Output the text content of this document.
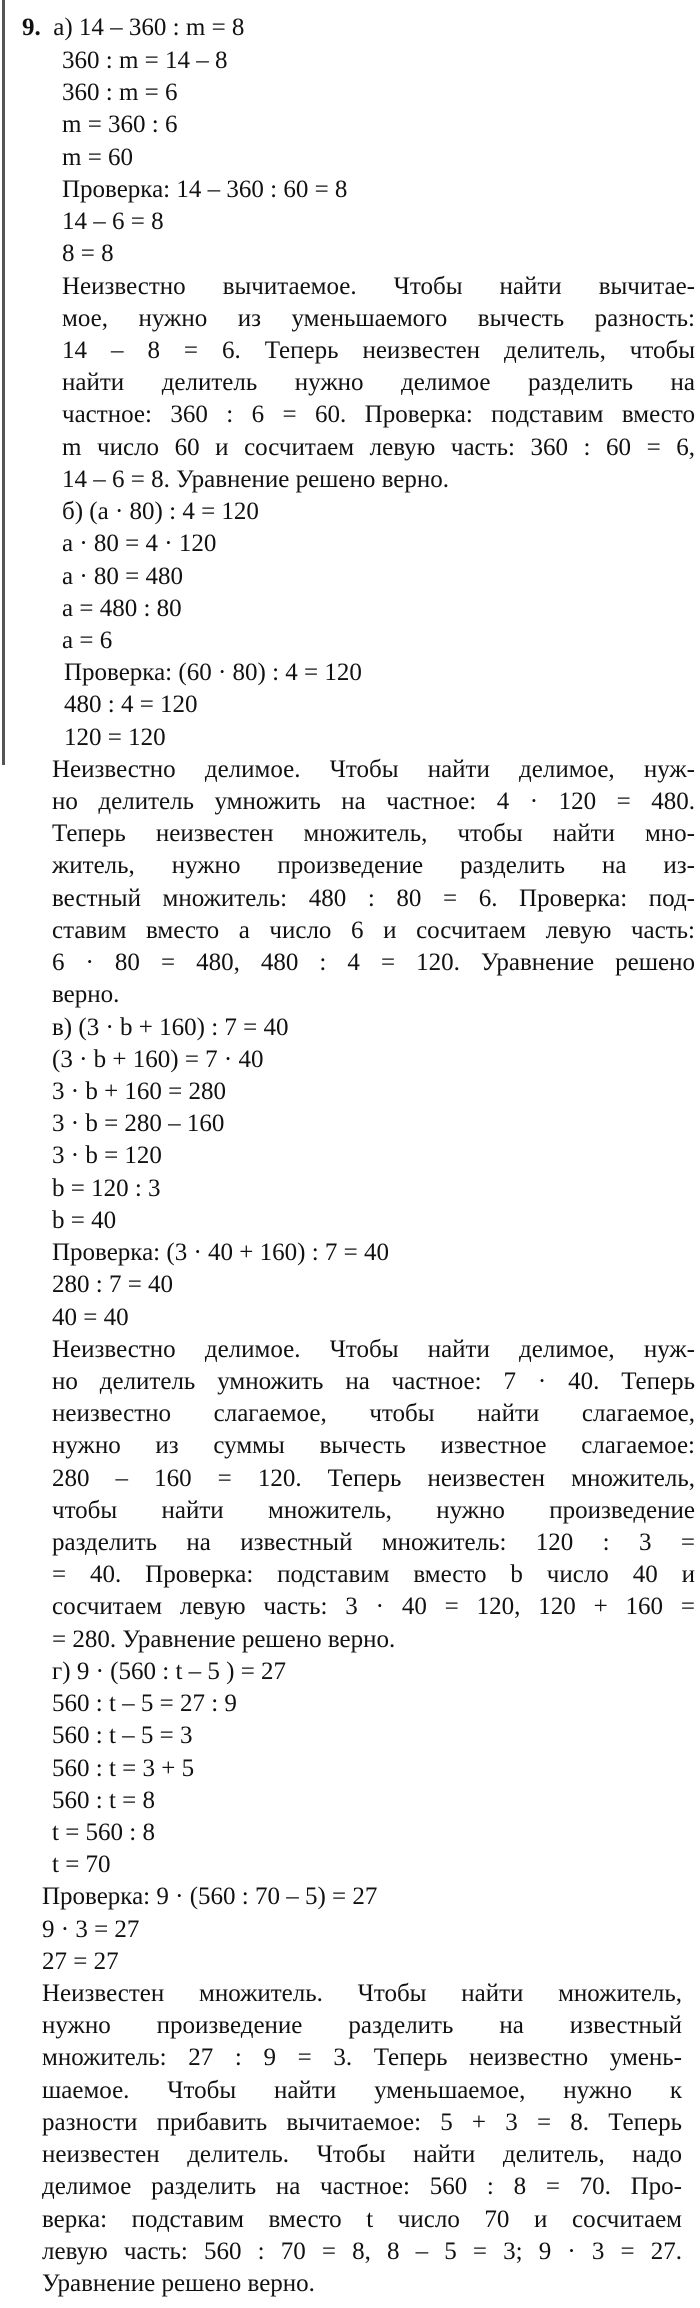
9. а) 14 – 360 : m = 8
360 : m = 14 – 8
360 : m = 6
m = 360 : 6
m = 60
Проверка: 14 – 360 : 60 = 8
14 – 6 = 8
8 = 8
Неизвестно вычитаемое. Чтобы найти вычитае-
мое, нужно из уменьшаемого вычесть разность:
14 – 8 = 6. Теперь неизвестен делитель, чтобы
найти делитель нужно делимое разделить на
частное: 360 : 6 = 60. Проверка: подставим вместо
m число 60 и сосчитаем левую часть: 360 : 60 = 6,
14 – 6 = 8. Уравнение решено верно.
б) (a · 80) : 4 = 120
a · 80 = 4 · 120
a · 80 = 480
a = 480 : 80
a = 6
Проверка: (60 · 80) : 4 = 120
480 : 4 = 120
120 = 120
Неизвестно делимое. Чтобы найти делимое, нуж-
но делитель умножить на частное: 4 · 120 = 480.
Теперь неизвестен множитель, чтобы найти мно-
житель, нужно произведение разделить на из-
вестный множитель: 480 : 80 = 6. Проверка: под-
ставим вместо a число 6 и сосчитаем левую часть:
6 · 80 = 480, 480 : 4 = 120. Уравнение решено
верно.
в) (3 · b + 160) : 7 = 40
(3 · b + 160) = 7 · 40
3 · b + 160 = 280
3 · b = 280 – 160
3 · b = 120
b = 120 : 3
b = 40
Проверка: (3 · 40 + 160) : 7 = 40
280 : 7 = 40
40 = 40
Неизвестно делимое. Чтобы найти делимое, нуж-
но делитель умножить на частное: 7 · 40. Теперь
неизвестно слагаемое, чтобы найти слагаемое,
нужно из суммы вычесть известное слагаемое:
280 – 160 = 120. Теперь неизвестен множитель,
чтобы найти множитель, нужно произведение
разделить на известный множитель: 120 : 3 =
= 40. Проверка: подставим вместо b число 40 и
сосчитаем левую часть: 3 · 40 = 120, 120 + 160 =
= 280. Уравнение решено верно.
г) 9 · (560 : t – 5 ) = 27
560 : t – 5 = 27 : 9
560 : t – 5 = 3
560 : t = 3 + 5
560 : t = 8
t = 560 : 8
t = 70
Проверка: 9 · (560 : 70 – 5) = 27
9 · 3 = 27
27 = 27
Неизвестен множитель. Чтобы найти множитель,
нужно произведение разделить на известный
множитель: 27 : 9 = 3. Теперь неизвестно умень-
шаемое. Чтобы найти уменьшаемое, нужно к
разности прибавить вычитаемое: 5 + 3 = 8. Теперь
неизвестен делитель. Чтобы найти делитель, надо
делимое разделить на частное: 560 : 8 = 70. Про-
верка: подставим вместо t число 70 и сосчитаем
левую часть: 560 : 70 = 8, 8 – 5 = 3; 9 · 3 = 27.
Уравнение решено верно.
